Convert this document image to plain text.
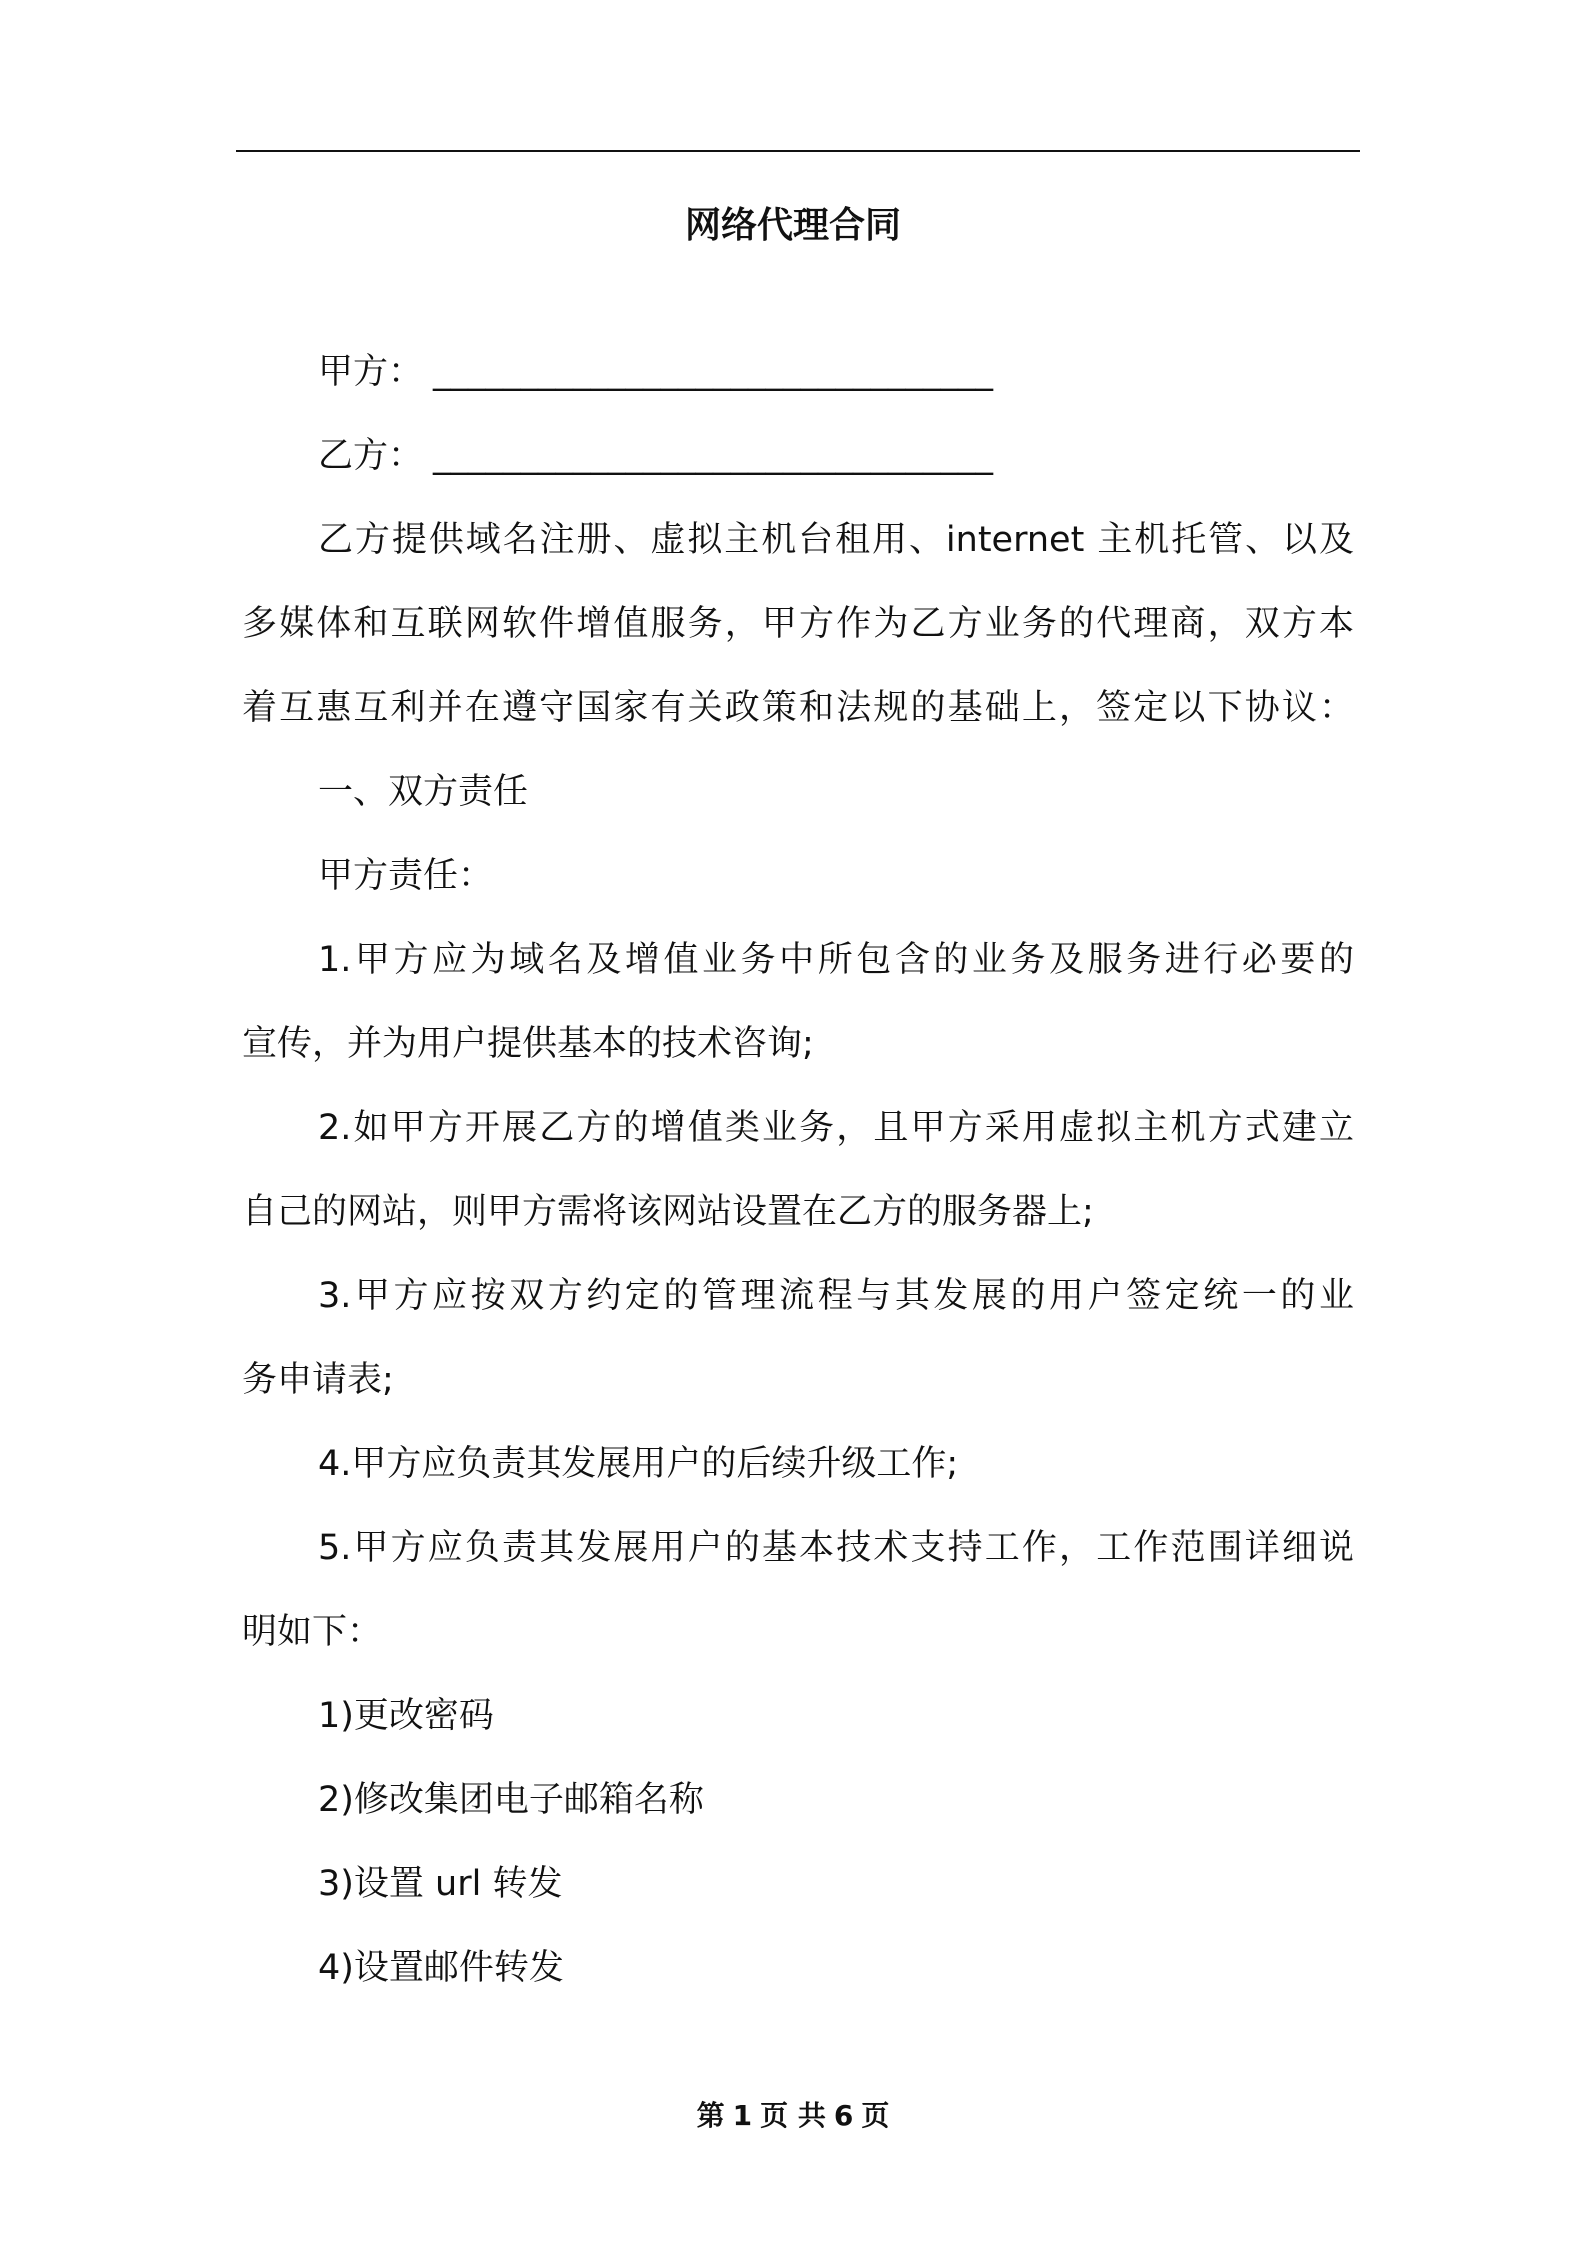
网络代理合同
甲方： ________________________________
乙方： ________________________________
乙方提供域名注册、虚拟主机台租用、internet 主机托管、以及
多媒体和互联网软件增值服务，甲方作为乙方业务的代理商，双方本
着互惠互利并在遵守国家有关政策和法规的基础上，签定以下协议：
一、双方责任
甲方责任：
1.甲方应为域名及增值业务中所包含的业务及服务进行必要的
宣传，并为用户提供基本的技术咨询;
2.如甲方开展乙方的增值类业务，且甲方采用虚拟主机方式建立
自己的网站，则甲方需将该网站设置在乙方的服务器上;
3.甲方应按双方约定的管理流程与其发展的用户签定统一的业
务申请表;
4.甲方应负责其发展用户的后续升级工作;
5.甲方应负责其发展用户的基本技术支持工作，工作范围详细说
明如下：
1)更改密码
2)修改集团电子邮箱名称
3)设置 url 转发
4)设置邮件转发
第 1 页 共 6 页
